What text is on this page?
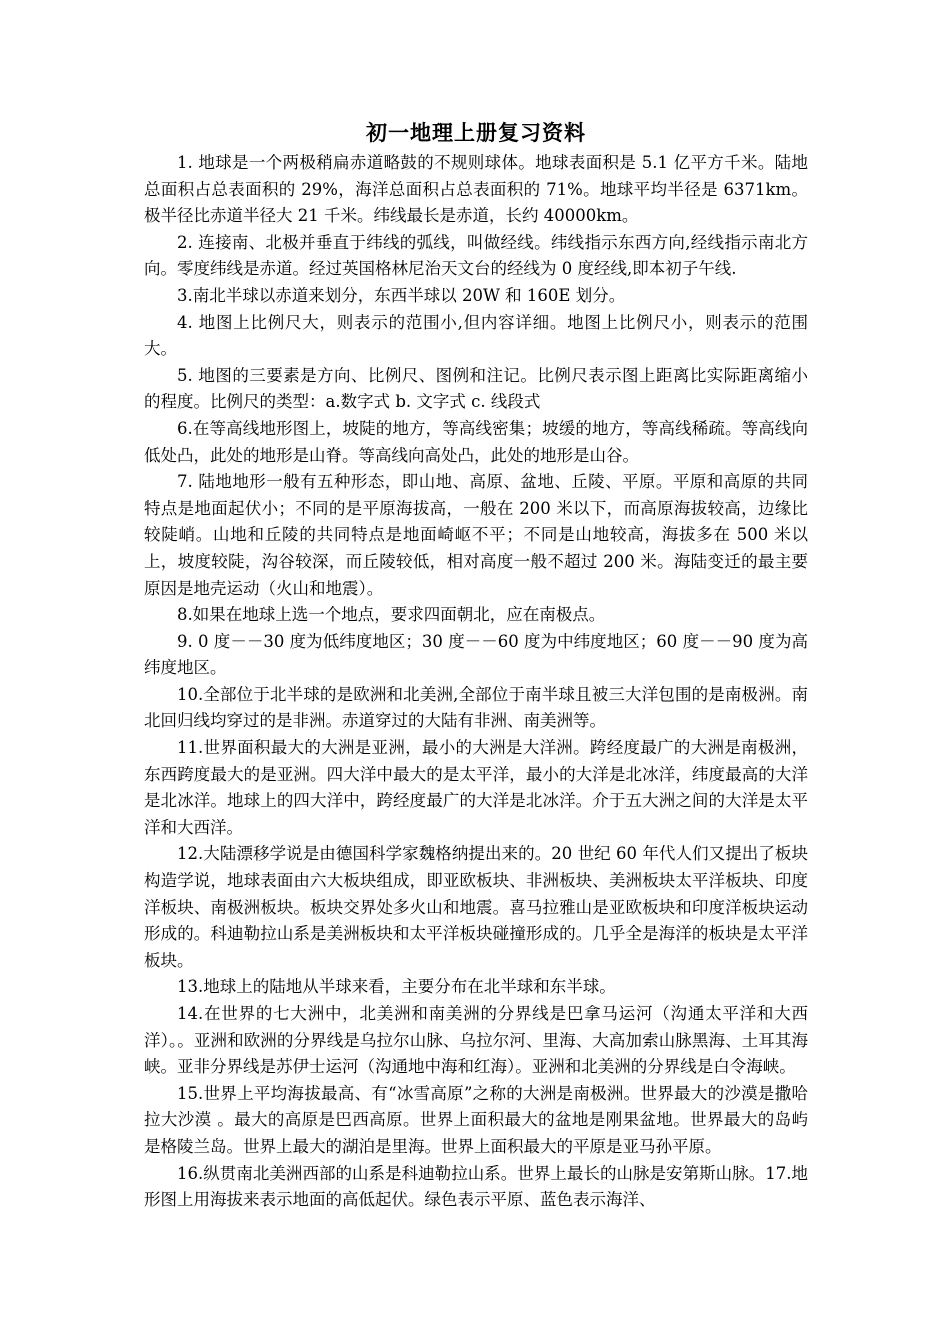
初一地理上册复习资料

1. 地球是一个两极稍扁赤道略鼓的不规则球体。地球表面积是 5.1 亿平方千米。陆地总面积占总表面积的 29%，海洋总面积占总表面积的 71%。地球平均半径是 6371km。极半径比赤道半径大 21 千米。纬线最长是赤道，长约 40000km。

2. 连接南、北极并垂直于纬线的弧线，叫做经线。纬线指示东西方向,经线指示南北方向。零度纬线是赤道。经过英国格林尼治天文台的经线为 0 度经线,即本初子午线.

3.南北半球以赤道来划分，东西半球以 20W 和 160E 划分。

4. 地图上比例尺大，则表示的范围小,但内容详细。地图上比例尺小，则表示的范围大。

5. 地图的三要素是方向、比例尺、图例和注记。比例尺表示图上距离比实际距离缩小的程度。比例尺的类型：a.数字式 b. 文字式 c. 线段式

6.在等高线地形图上，坡陡的地方，等高线密集；坡缓的地方，等高线稀疏。等高线向低处凸，此处的地形是山脊。等高线向高处凸，此处的地形是山谷。

7. 陆地地形一般有五种形态，即山地、高原、盆地、丘陵、平原。平原和高原的共同特点是地面起伏小；不同的是平原海拔高，一般在 200 米以下，而高原海拔较高，边缘比较陡峭。山地和丘陵的共同特点是地面崎岖不平；不同是山地较高，海拔多在 500 米以上，坡度较陡，沟谷较深，而丘陵较低，相对高度一般不超过 200 米。海陆变迁的最主要原因是地壳运动（火山和地震）。

8.如果在地球上选一个地点，要求四面朝北，应在南极点。

9. 0 度－－30 度为低纬度地区；30 度－－60 度为中纬度地区；60 度－－90 度为高纬度地区。

10.全部位于北半球的是欧洲和北美洲,全部位于南半球且被三大洋包围的是南极洲。南北回归线均穿过的是非洲。赤道穿过的大陆有非洲、南美洲等。

11.世界面积最大的大洲是亚洲，最小的大洲是大洋洲。跨经度最广的大洲是南极洲，东西跨度最大的是亚洲。四大洋中最大的是太平洋，最小的大洋是北冰洋，纬度最高的大洋是北冰洋。地球上的四大洋中，跨经度最广的大洋是北冰洋。介于五大洲之间的大洋是太平洋和大西洋。

12.大陆漂移学说是由德国科学家魏格纳提出来的。20 世纪 60 年代人们又提出了板块构造学说，地球表面由六大板块组成，即亚欧板块、非洲板块、美洲板块太平洋板块、印度洋板块、南极洲板块。板块交界处多火山和地震。喜马拉雅山是亚欧板块和印度洋板块运动形成的。科迪勒拉山系是美洲板块和太平洋板块碰撞形成的。几乎全是海洋的板块是太平洋板块。

13.地球上的陆地从半球来看，主要分布在北半球和东半球。

14.在世界的七大洲中，北美洲和南美洲的分界线是巴拿马运河（沟通太平洋和大西洋）。。亚洲和欧洲的分界线是乌拉尔山脉、乌拉尔河、里海、大高加索山脉黑海、土耳其海峡。亚非分界线是苏伊士运河（沟通地中海和红海）。亚洲和北美洲的分界线是白令海峡。

15.世界上平均海拔最高、有“冰雪高原”之称的大洲是南极洲。世界最大的沙漠是撒哈拉大沙漠 。最大的高原是巴西高原。世界上面积最大的盆地是刚果盆地。世界最大的岛屿是格陵兰岛。世界上最大的湖泊是里海。世界上面积最大的平原是亚马孙平原。

16.纵贯南北美洲西部的山系是科迪勒拉山系。世界上最长的山脉是安第斯山脉。17.地形图上用海拔来表示地面的高低起伏。绿色表示平原、蓝色表示海洋、
